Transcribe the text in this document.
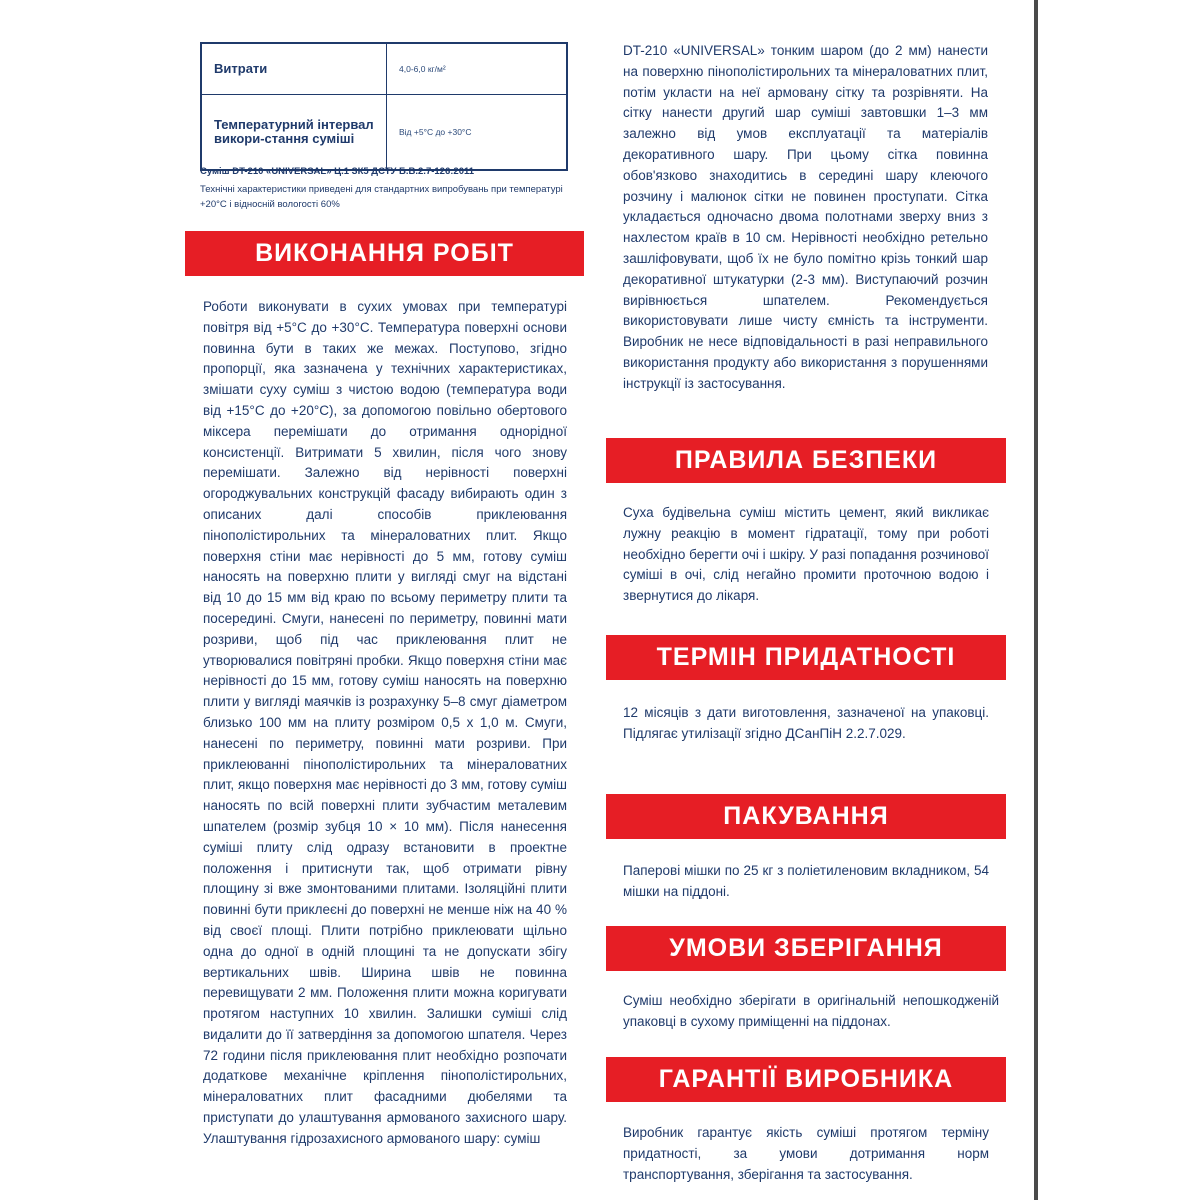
Витрати	4,0-6,0 кг/м²
Температурний інтервал викори-стання суміші	Від +5°С до +30°С
Суміш DT-210 «UNIVERSAL» Ц.1 ЗК5 ДСТУ Б.В.2.7-126:2011
Технічні характеристики приведені для стандартних випробувань при температурі +20°С і відносній вологості 60%
ВИКОНАННЯ РОБІТ
Роботи виконувати в сухих умовах при температурі повітря від +5°С до +30°С. Температура поверхні основи повинна бути в таких же межах. Поступово, згідно пропорції, яка зазначена у технічних характеристиках, змішати суху суміш з чистою водою (температура води від +15°С до +20°С), за допомогою повільно обертового міксера перемішати до отримання однорідної консистенції. Витримати 5 хвилин, після чого знову перемішати. Залежно від нерівності поверхні огороджувальних конструкцій фасаду вибирають один з описаних далі способів приклеювання пінополістирольних та мінераловатних плит. Якщо поверхня стіни має нерівності до 5 мм, готову суміш наносять на поверхню плити у вигляді смуг на відстані від 10 до 15 мм від краю по всьому периметру плити та посередині. Смуги, нанесені по периметру, повинні мати розриви, щоб під час приклеювання плит не утворювалися повітряні пробки. Якщо поверхня стіни має нерівності до 15 мм, готову суміш наносять на поверхню плити у вигляді маячків із розрахунку 5–8 смуг діаметром близько 100 мм на плиту розміром 0,5 х 1,0 м. Смуги, нанесені по периметру, повинні мати розриви. При приклеюванні пінополістирольних та мінераловатних плит, якщо поверхня має нерівності до 3 мм, готову суміш наносять по всій поверхні плити зубчастим металевим шпателем (розмір зубця 10 × 10 мм). Після нанесення суміші плиту слід одразу встановити в проектне положення і притиснути так, щоб отримати рівну площину зі вже змонтованими плитами. Ізоляційні плити повинні бути приклеєні до поверхні не менше ніж на 40 % від своєї площі. Плити потрібно приклеювати щільно одна до одної в одній площині та не допускати збігу вертикальних швів. Ширина швів не повинна перевищувати 2 мм. Положення плити можна коригувати протягом наступних 10 хвилин. Залишки суміші слід видалити до її затвердіння за допомогою шпателя. Через 72 години після приклеювання плит необхідно розпочати додаткове механічне кріплення пінополістирольних, мінераловатних плит фасадними дюбелями та приступати до улаштування армованого захисного шару. Улаштування гідрозахисного армованого шару: суміш
DT-210 «UNIVERSAL» тонким шаром (до 2 мм) нанести на поверхню пінополістирольних та мінераловатних плит, потім укласти на неї армовану сітку та розрівняти. На сітку нанести другий шар суміші завтовшки 1–3 мм залежно від умов експлуатації та матеріалів декоративного шару. При цьому сітка повинна обов'язково знаходитись в середині шару клеючого розчину і малюнок сітки не повинен проступати. Сітка укладається одночасно двома полотнами зверху вниз з нахлестом країв в 10 см. Нерівності необхідно ретельно зашліфовувати, щоб їх не було помітно крізь тонкий шар декоративної штукатурки (2-3 мм). Виступаючий розчин вирівнюється шпателем. Рекомендується використовувати лише чисту ємність та інструменти. Виробник не несе відповідальності в разі неправильного використання продукту або використання з порушеннями інструкції із застосування.
ПРАВИЛА БЕЗПЕКИ
Суха будівельна суміш містить цемент, який викликає лужну реакцію в момент гідратації, тому при роботі необхідно берегти очі і шкіру. У разі попадання розчинової суміші в очі, слід негайно промити проточною водою і звернутися до лікаря.
ТЕРМІН ПРИДАТНОСТІ
12 місяців з дати виготовлення, зазначеної на упаковці. Підлягає утилізації згідно ДСанПіН 2.2.7.029.
ПАКУВАННЯ
Паперові мішки по 25 кг з поліетиленовим вкладником, 54 мішки на піддоні.
УМОВИ ЗБЕРІГАННЯ
Суміш необхідно зберігати в оригінальній непошкодженій упаковці в сухому приміщенні на піддонах.
ГАРАНТІЇ ВИРОБНИКА
Виробник гарантує якість суміші протягом терміну придатності, за умови дотримання норм транспортування, зберігання та застосування.
